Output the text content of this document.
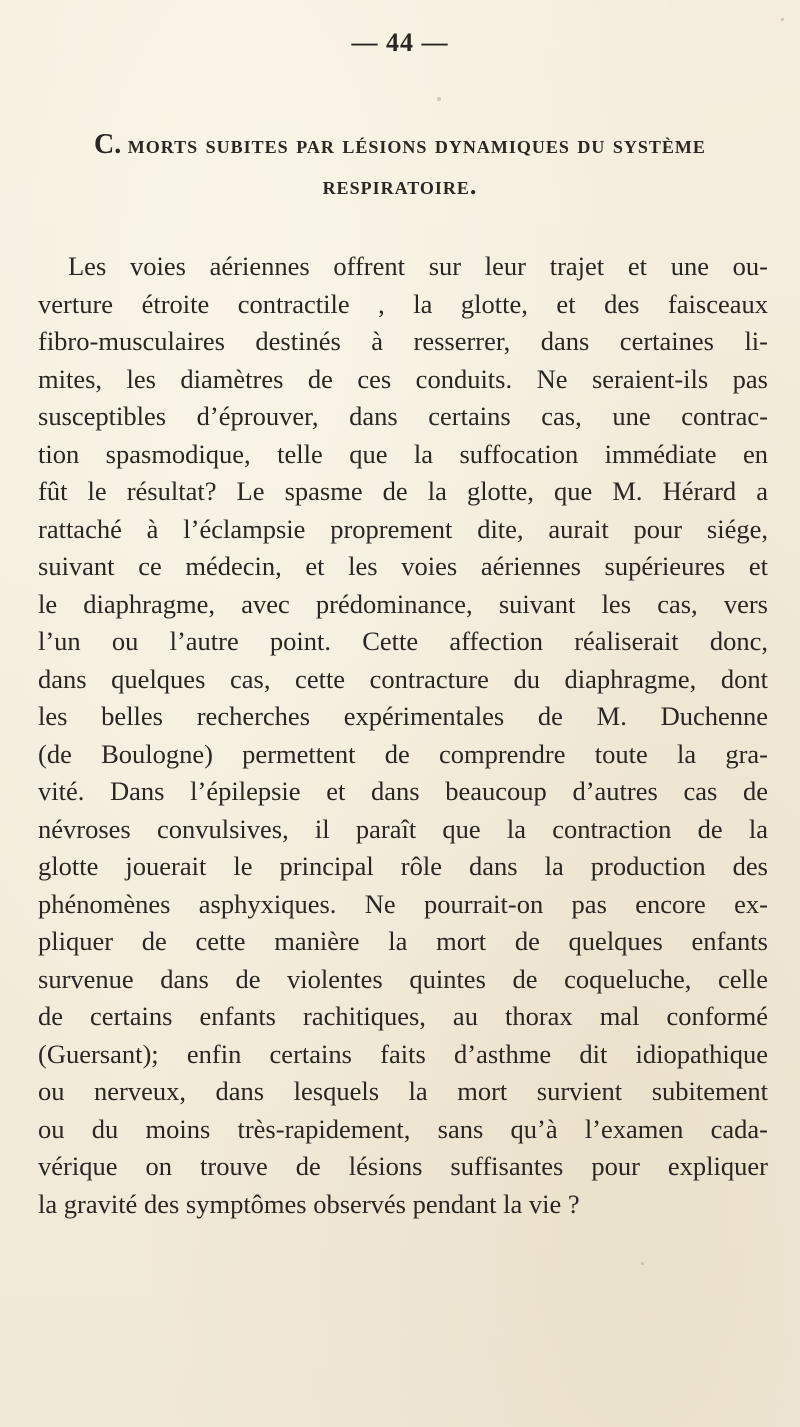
— 44 —
C. morts subites par lésions dynamiques du système
respiratoire.
Les voies aériennes offrent sur leur trajet et une ou-
verture étroite contractile , la glotte, et des faisceaux
fibro-musculaires destinés à resserrer, dans certaines li-
mites, les diamètres de ces conduits. Ne seraient-ils pas
susceptibles d’éprouver, dans certains cas, une contrac-
tion spasmodique, telle que la suffocation immédiate en
fût le résultat? Le spasme de la glotte, que M. Hérard a
rattaché à l’éclampsie proprement dite, aurait pour siége,
suivant ce médecin, et les voies aériennes supérieures et
le diaphragme, avec prédominance, suivant les cas, vers
l’un ou l’autre point. Cette affection réaliserait donc,
dans quelques cas, cette contracture du diaphragme, dont
les belles recherches expérimentales de M. Duchenne
(de Boulogne) permettent de comprendre toute la gra-
vité. Dans l’épilepsie et dans beaucoup d’autres cas de
névroses convulsives, il paraît que la contraction de la
glotte jouerait le principal rôle dans la production des
phénomènes asphyxiques. Ne pourrait-on pas encore ex-
pliquer de cette manière la mort de quelques enfants
survenue dans de violentes quintes de coqueluche, celle
de certains enfants rachitiques, au thorax mal conformé
(Guersant); enfin certains faits d’asthme dit idiopathique
ou nerveux, dans lesquels la mort survient subitement
ou du moins très-rapidement, sans qu’à l’examen cada-
vérique on trouve de lésions suffisantes pour expliquer
la gravité des symptômes observés pendant la vie ?
